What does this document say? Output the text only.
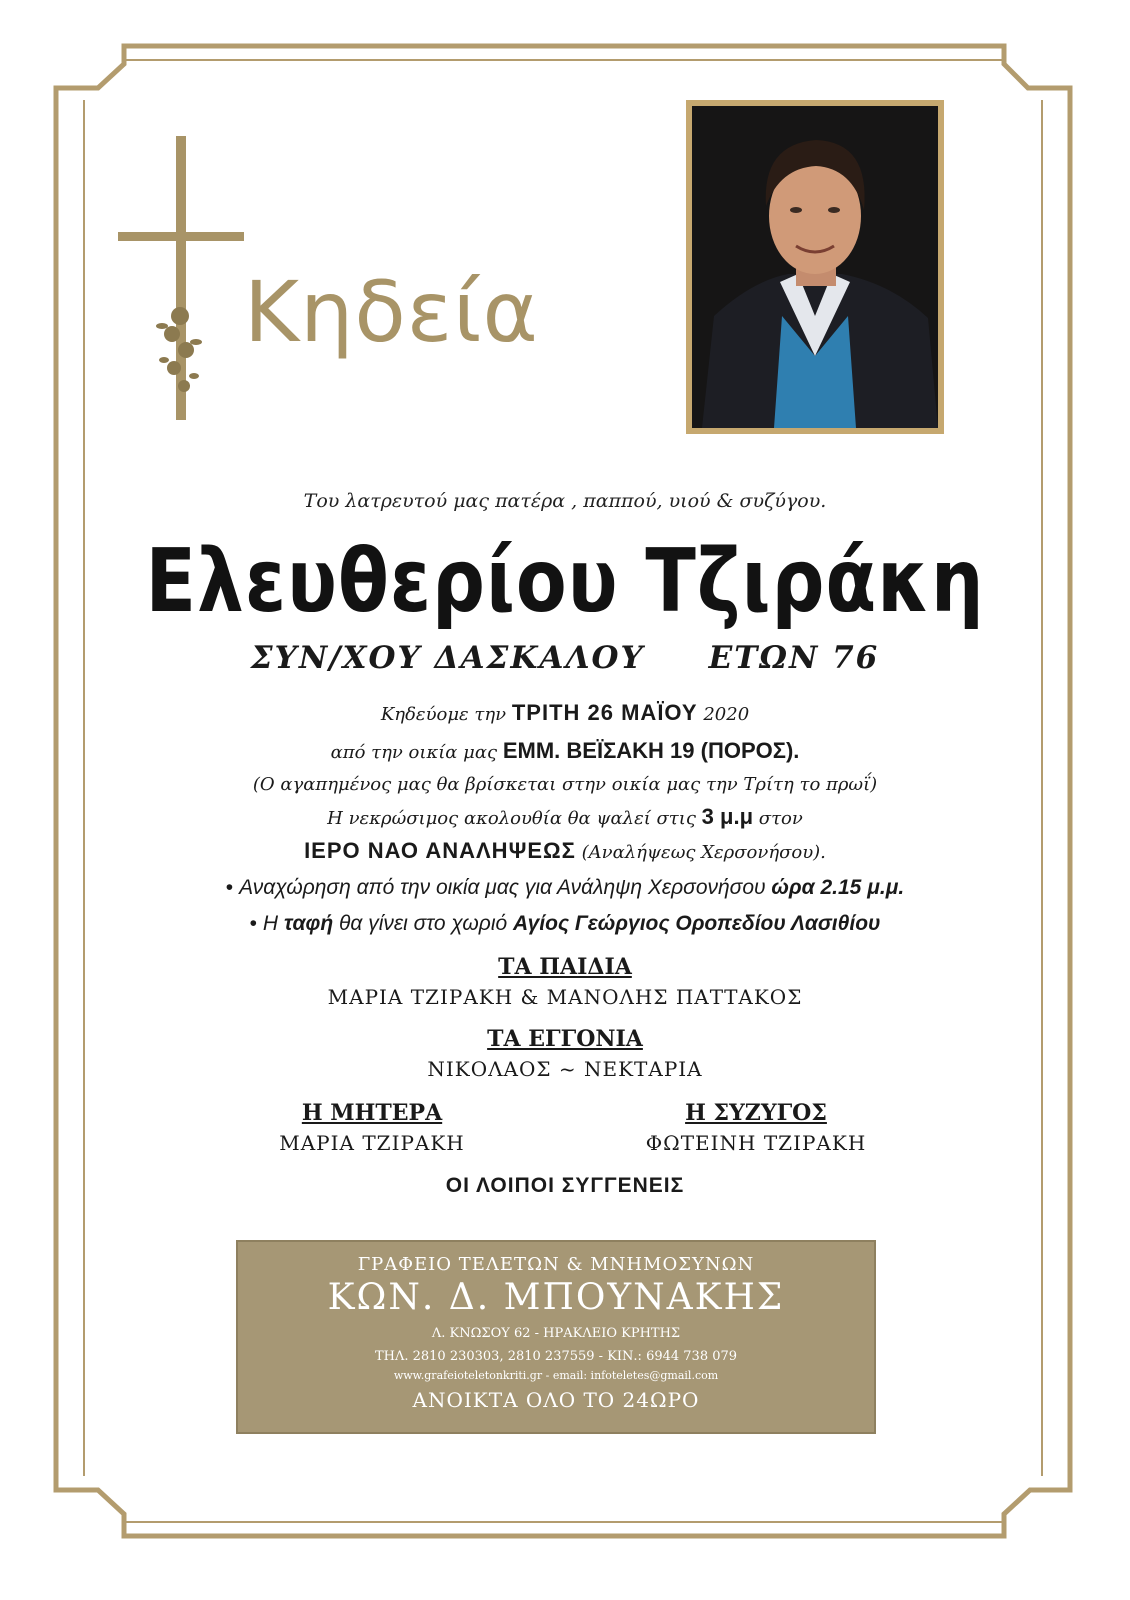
Κηδεία
Του λατρευτού μας πατέρα , παππού, υιού & συζύγου.
Ελευθερίου Τζιράκη
ΣΥΝ/ΧΟΥ ΔΑΣΚΑΛΟΥ ΕΤΩΝ 76
Κηδεύομε την ΤΡΙΤΗ 26 ΜΑΪΟΥ 2020
από την οικία μας ΕΜΜ. ΒΕΪΣΑΚΗ 19 (ΠΟΡΟΣ).
(Ο αγαπημένος μας θα βρίσκεται στην οικία μας την Τρίτη το πρωΐ)
Η νεκρώσιμος ακολουθία θα ψαλεί στις 3 μ.μ στον
ΙΕΡΟ ΝΑΟ ΑΝΑΛΗΨΕΩΣ (Αναλήψεως Χερσονήσου).
• Αναχώρηση από την οικία μας για Ανάληψη Χερσονήσου ώρα 2.15 μ.μ.
• Η ταφή θα γίνει στο χωριό Αγίος Γεώργιος Οροπεδίου Λασιθίου
ΤΑ ΠΑΙΔΙΑ
ΜΑΡΙΑ ΤΖΙΡΑΚΗ & ΜΑΝΟΛΗΣ ΠΑΤΤΑΚΟΣ
ΤΑ ΕΓΓΟΝΙΑ
ΝΙΚΟΛΑΟΣ ~ ΝΕΚΤΑΡΙΑ
Η ΜΗΤΕΡΑ
ΜΑΡΙΑ ΤΖΙΡΑΚΗ
Η ΣΥΖΥΓΟΣ
ΦΩΤΕΙΝΗ ΤΖΙΡΑΚΗ
ΟΙ ΛΟΙΠΟΙ ΣΥΓΓΕΝΕΙΣ
ΓΡΑΦΕΙΟ ΤΕΛΕΤΩΝ & ΜΝΗΜΟΣΥΝΩΝ
ΚΩΝ. Δ. ΜΠΟΥΝΑΚΗΣ
Λ. ΚΝΩΣΟΥ 62 - ΗΡΑΚΛΕΙΟ ΚΡΗΤΗΣ
ΤΗΛ. 2810 230303, 2810 237559 - ΚΙΝ.: 6944 738 079
www.grafeioteletonkriti.gr - email: infoteletes@gmail.com
ΑΝΟΙΚΤΑ ΟΛΟ ΤΟ 24ΩΡΟ
